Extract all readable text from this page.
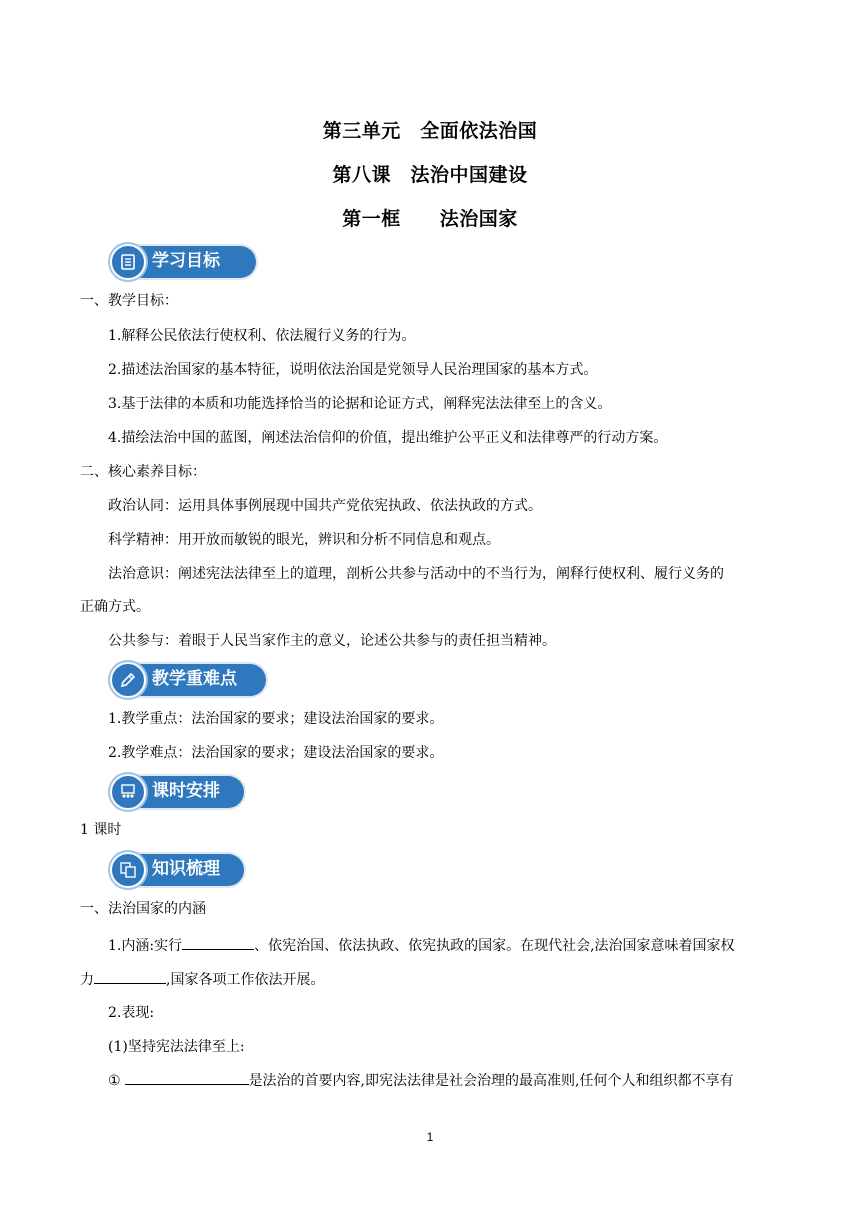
第三单元　全面依法治国
第八课　法治中国建设
第一框　　法治国家
学习目标
一、教学目标：
1.解释公民依法行使权利、依法履行义务的行为。
2.描述法治国家的基本特征，说明依法治国是党领导人民治理国家的基本方式。
3.基于法律的本质和功能选择恰当的论据和论证方式，阐释宪法法律至上的含义。
4.描绘法治中国的蓝图，阐述法治信仰的价值，提出维护公平正义和法律尊严的行动方案。
二、核心素养目标：
政治认同：运用具体事例展现中国共产党依宪执政、依法执政的方式。
科学精神：用开放而敏锐的眼光，辨识和分析不同信息和观点。
法治意识：阐述宪法法律至上的道理，剖析公共参与活动中的不当行为，阐释行使权利、履行义务的
正确方式。
公共参与：着眼于人民当家作主的意义，论述公共参与的责任担当精神。
教学重难点
1.教学重点：法治国家的要求；建设法治国家的要求。
2.教学难点：法治国家的要求；建设法治国家的要求。
课时安排
1 课时
知识梳理
一、法治国家的内涵
1.内涵:实行	、依宪治国、依法执政、依宪执政的国家。在现代社会,法治国家意味着国家权
力	,国家各项工作依法开展。
2.表现:
(1)坚持宪法法律至上:
①	是法治的首要内容,即宪法法律是社会治理的最高准则,任何个人和组织都不享有
1
